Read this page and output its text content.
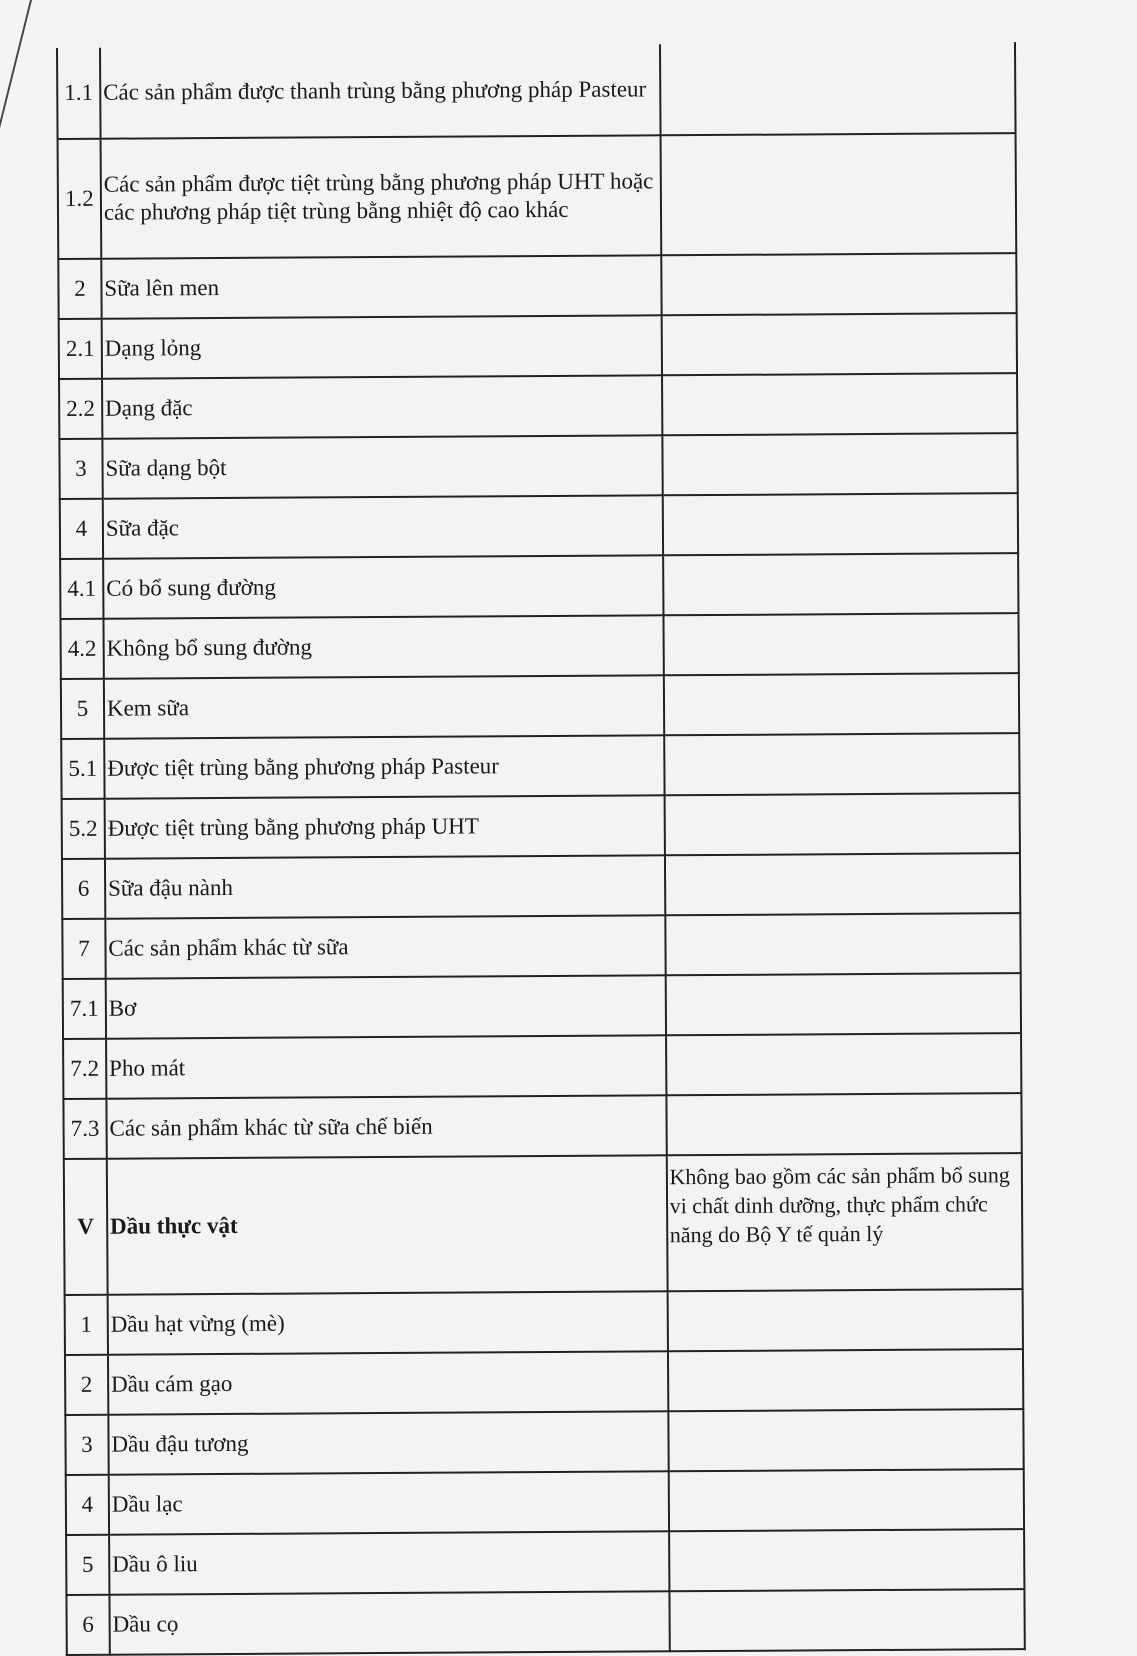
1.1	Các sản phẩm được thanh trùng bằng phương pháp Pasteur	
1.2	Các sản phẩm được tiệt trùng bằng phương pháp UHT hoặc các phương pháp tiệt trùng bằng nhiệt độ cao khác	
2	Sữa lên men	
2.1	Dạng lỏng	
2.2	Dạng đặc	
3	Sữa dạng bột	
4	Sữa đặc	
4.1	Có bổ sung đường	
4.2	Không bổ sung đường	
5	Kem sữa	
5.1	Được tiệt trùng bằng phương pháp Pasteur	
5.2	Được tiệt trùng bằng phương pháp UHT	
6	Sữa đậu nành	
7	Các sản phẩm khác từ sữa	
7.1	Bơ	
7.2	Pho mát	
7.3	Các sản phẩm khác từ sữa chế biến	
V	Dầu thực vật	Không bao gồm các sản phẩm bổ sung vi chất dinh dưỡng, thực phẩm chức năng do Bộ Y tế quản lý
1	Dầu hạt vừng (mè)	
2	Dầu cám gạo	
3	Dầu đậu tương	
4	Dầu lạc	
5	Dầu ô liu	
6	Dầu cọ	
